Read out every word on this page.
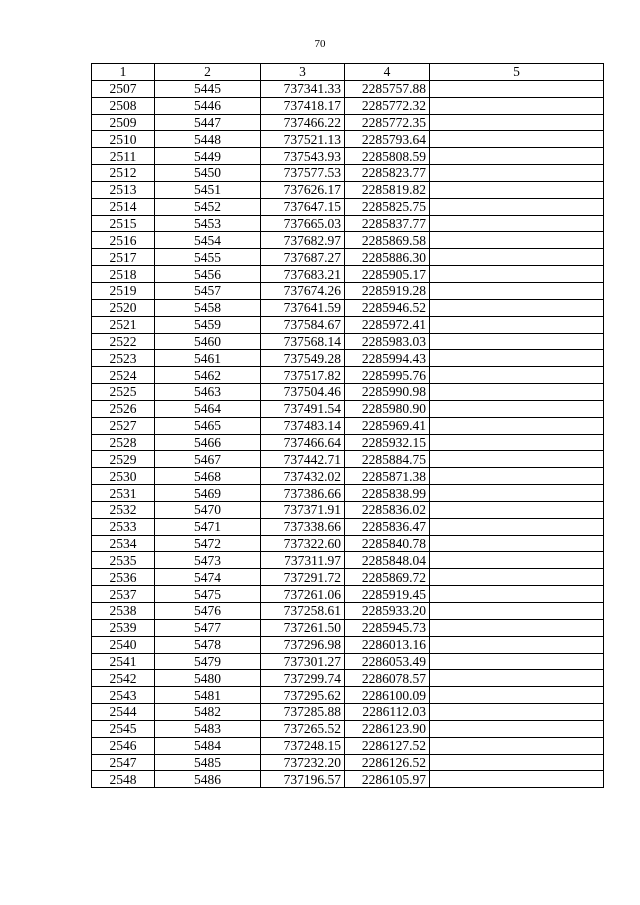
70
1	2	3	4	5
2507	5445	737341.33	2285757.88	
2508	5446	737418.17	2285772.32	
2509	5447	737466.22	2285772.35	
2510	5448	737521.13	2285793.64	
2511	5449	737543.93	2285808.59	
2512	5450	737577.53	2285823.77	
2513	5451	737626.17	2285819.82	
2514	5452	737647.15	2285825.75	
2515	5453	737665.03	2285837.77	
2516	5454	737682.97	2285869.58	
2517	5455	737687.27	2285886.30	
2518	5456	737683.21	2285905.17	
2519	5457	737674.26	2285919.28	
2520	5458	737641.59	2285946.52	
2521	5459	737584.67	2285972.41	
2522	5460	737568.14	2285983.03	
2523	5461	737549.28	2285994.43	
2524	5462	737517.82	2285995.76	
2525	5463	737504.46	2285990.98	
2526	5464	737491.54	2285980.90	
2527	5465	737483.14	2285969.41	
2528	5466	737466.64	2285932.15	
2529	5467	737442.71	2285884.75	
2530	5468	737432.02	2285871.38	
2531	5469	737386.66	2285838.99	
2532	5470	737371.91	2285836.02	
2533	5471	737338.66	2285836.47	
2534	5472	737322.60	2285840.78	
2535	5473	737311.97	2285848.04	
2536	5474	737291.72	2285869.72	
2537	5475	737261.06	2285919.45	
2538	5476	737258.61	2285933.20	
2539	5477	737261.50	2285945.73	
2540	5478	737296.98	2286013.16	
2541	5479	737301.27	2286053.49	
2542	5480	737299.74	2286078.57	
2543	5481	737295.62	2286100.09	
2544	5482	737285.88	2286112.03	
2545	5483	737265.52	2286123.90	
2546	5484	737248.15	2286127.52	
2547	5485	737232.20	2286126.52	
2548	5486	737196.57	2286105.97	
